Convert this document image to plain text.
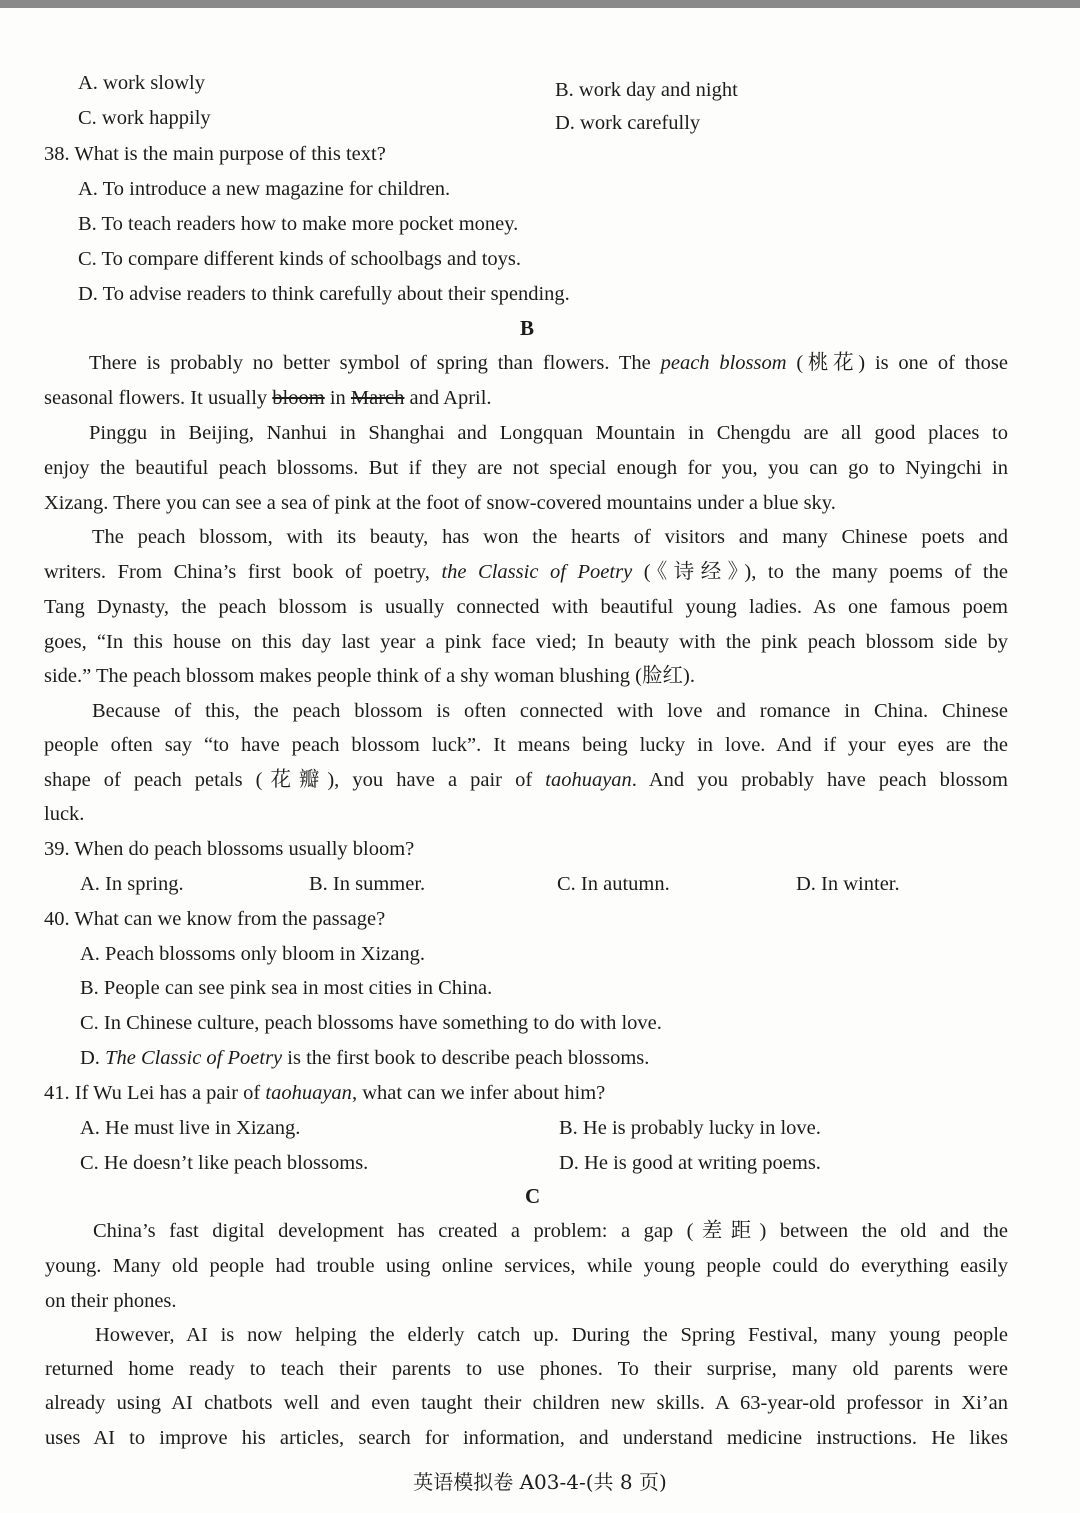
A. work slowly	B. work day and night
C. work happily	D. work carefully
38. What is the main purpose of this text?
A. To introduce a new magazine for children.
B. To teach readers how to make more pocket money.
C. To compare different kinds of schoolbags and toys.
D. To advise readers to think carefully about their spending.
B
There is probably no better symbol of spring than flowers. The peach blossom (桃花) is one of those
seasonal flowers. It usually bloom in March and April.
Pinggu in Beijing, Nanhui in Shanghai and Longquan Mountain in Chengdu are all good places to
enjoy the beautiful peach blossoms. But if they are not special enough for you, you can go to Nyingchi in
Xizang. There you can see a sea of pink at the foot of snow-covered mountains under a blue sky.
The peach blossom, with its beauty, has won the hearts of visitors and many Chinese poets and
writers. From China’s first book of poetry, the Classic of Poetry (《诗经》), to the many poems of the
Tang Dynasty, the peach blossom is usually connected with beautiful young ladies. As one famous poem
goes, “In this house on this day last year a pink face vied; In beauty with the pink peach blossom side by
side.” The peach blossom makes people think of a shy woman blushing (脸红).
Because of this, the peach blossom is often connected with love and romance in China. Chinese
people often say “to have peach blossom luck”. It means being lucky in love. And if your eyes are the
shape of peach petals (花瓣), you have a pair of taohuayan. And you probably have peach blossom
luck.
39. When do peach blossoms usually bloom?
A. In spring.	B. In summer.	C. In autumn.	D. In winter.
40. What can we know from the passage?
A. Peach blossoms only bloom in Xizang.
B. People can see pink sea in most cities in China.
C. In Chinese culture, peach blossoms have something to do with love.
D. The Classic of Poetry is the first book to describe peach blossoms.
41. If Wu Lei has a pair of taohuayan, what can we infer about him?
A. He must live in Xizang.	B. He is probably lucky in love.
C. He doesn’t like peach blossoms.	D. He is good at writing poems.
C
China’s fast digital development has created a problem: a gap (差距) between the old and the
young. Many old people had trouble using online services, while young people could do everything easily
on their phones.
However, AI is now helping the elderly catch up. During the Spring Festival, many young people
returned home ready to teach their parents to use phones. To their surprise, many old parents were
already using AI chatbots well and even taught their children new skills. A 63-year-old professor in Xi’an
uses AI to improve his articles, search for information, and understand medicine instructions. He likes
英语模拟卷 A03-4-(共 8 页)
